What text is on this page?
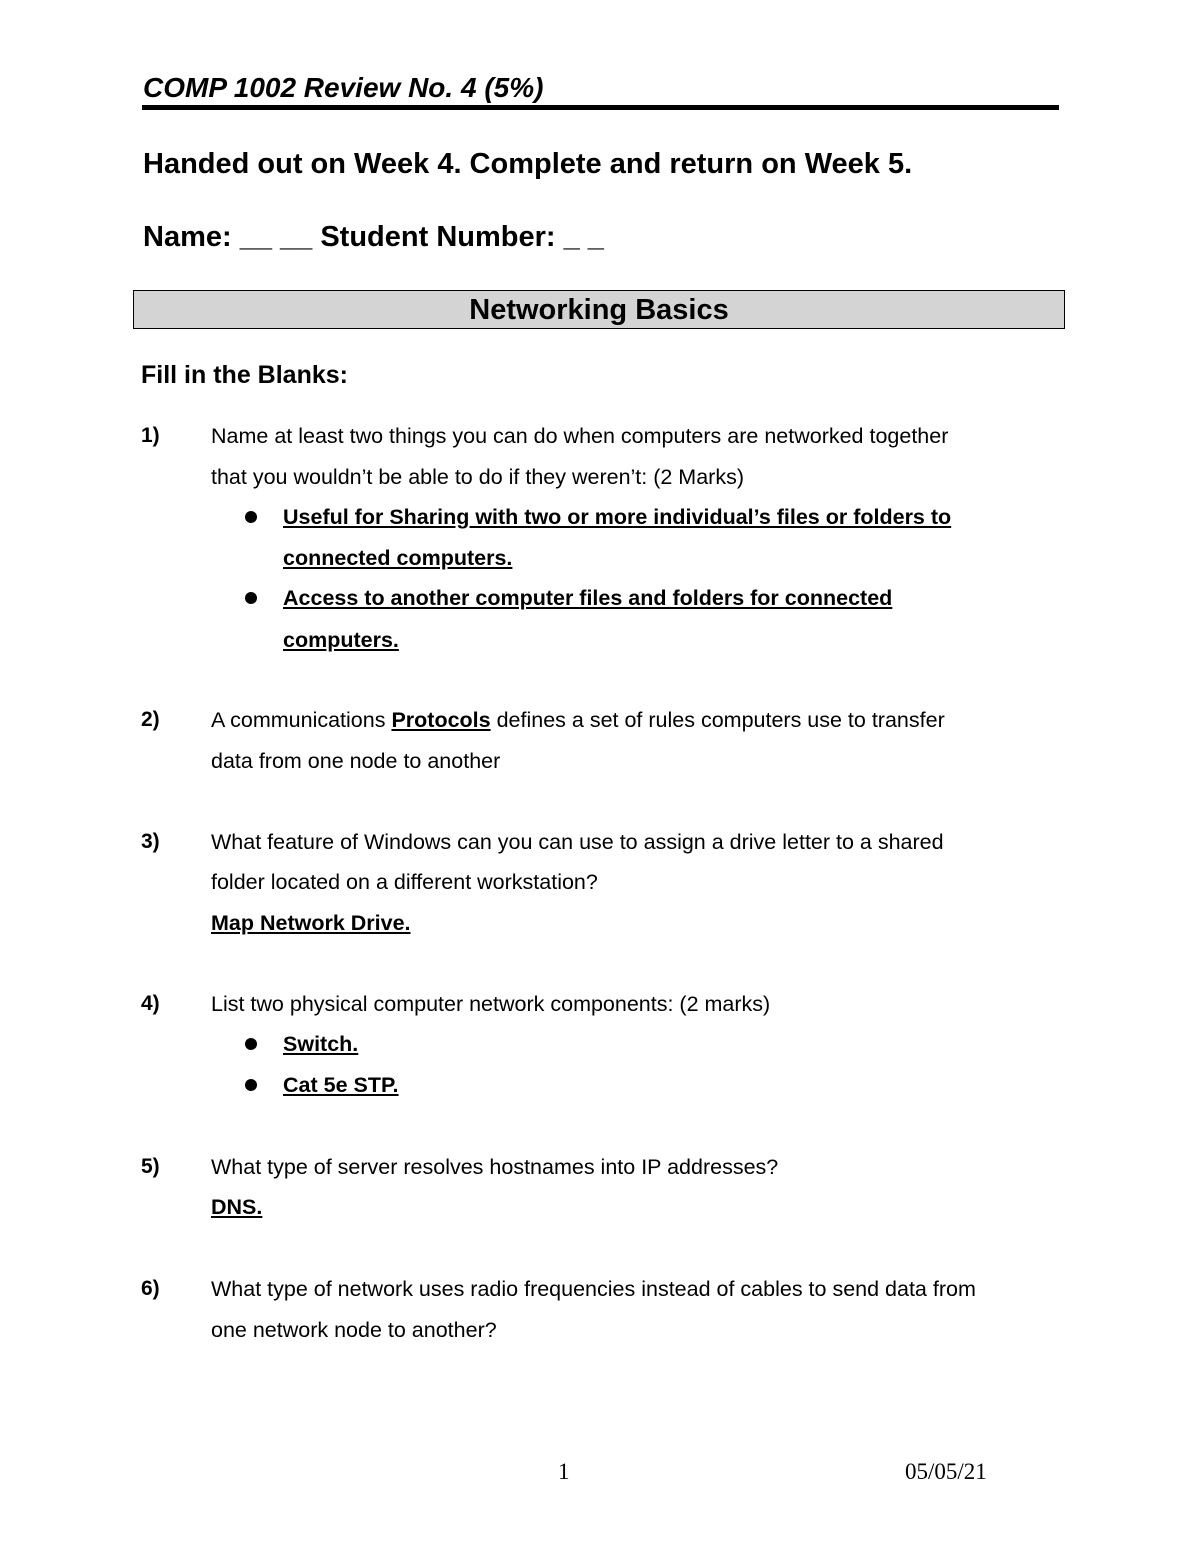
COMP 1002 Review No. 4 (5%)
Handed out on Week 4. Complete and return on Week 5.
Name: __ __ Student Number: _ _
Networking Basics
Fill in the Blanks:
1) Name at least two things you can do when computers are networked together
that you wouldn’t be able to do if they weren’t: (2 Marks)
Useful for Sharing with two or more individual’s files or folders to
connected computers.
Access to another computer files and folders for connected
computers.
2) A communications Protocols defines a set of rules computers use to transfer
data from one node to another
3) What feature of Windows can you can use to assign a drive letter to a shared
folder located on a different workstation?
Map Network Drive.
4) List two physical computer network components: (2 marks)
Switch.
Cat 5e STP.
5) What type of server resolves hostnames into IP addresses?
DNS.
6) What type of network uses radio frequencies instead of cables to send data from
one network node to another?
1	05/05/21
